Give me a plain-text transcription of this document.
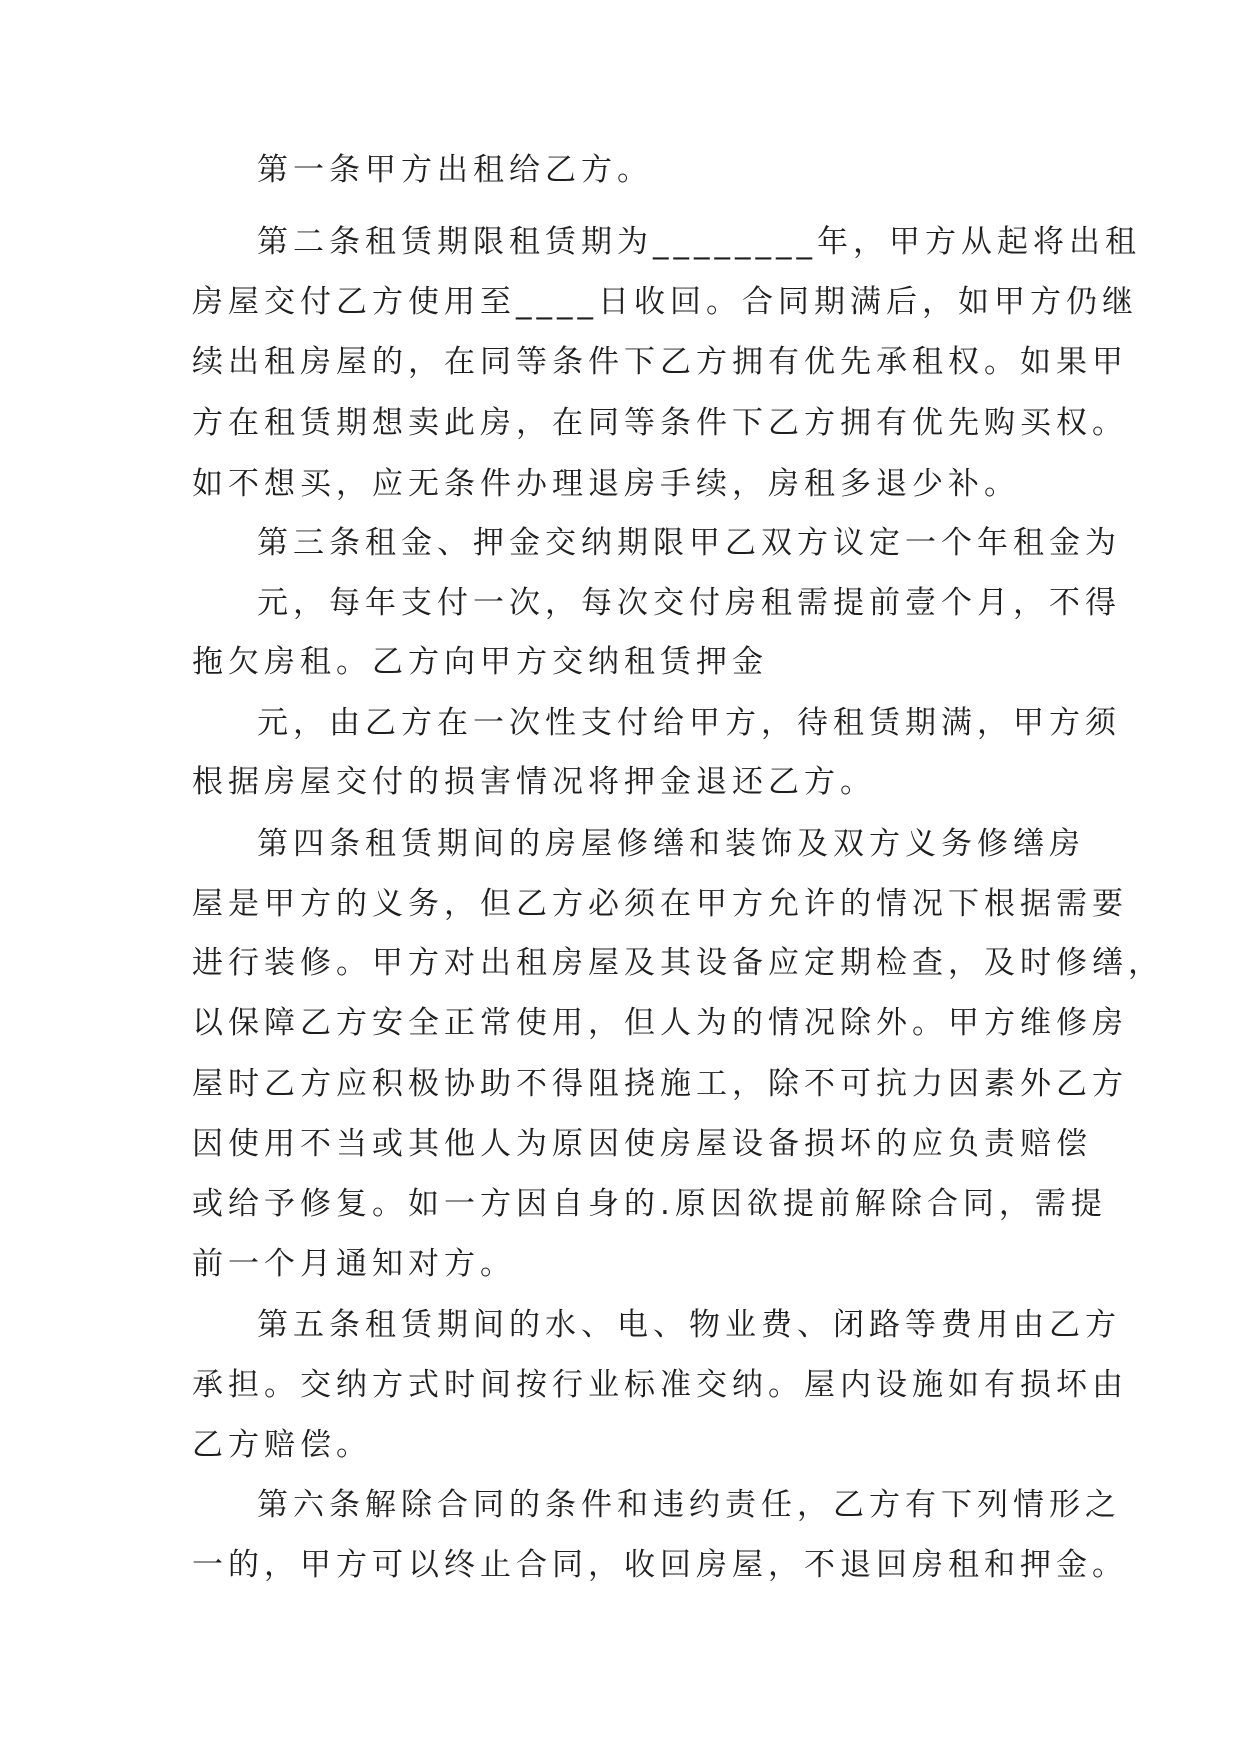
第一条甲方出租给乙方。
第二条租赁期限租赁期为________年，甲方从起将出租
房屋交付乙方使用至____日收回。合同期满后，如甲方仍继
续出租房屋的，在同等条件下乙方拥有优先承租权。如果甲
方在租赁期想卖此房，在同等条件下乙方拥有优先购买权。
如不想买，应无条件办理退房手续，房租多退少补。
第三条租金、押金交纳期限甲乙双方议定一个年租金为
元，每年支付一次，每次交付房租需提前壹个月，不得
拖欠房租。乙方向甲方交纳租赁押金
元，由乙方在一次性支付给甲方，待租赁期满，甲方须
根据房屋交付的损害情况将押金退还乙方。
第四条租赁期间的房屋修缮和装饰及双方义务修缮房
屋是甲方的义务，但乙方必须在甲方允许的情况下根据需要
进行装修。甲方对出租房屋及其设备应定期检查，及时修缮，
以保障乙方安全正常使用，但人为的情况除外。甲方维修房
屋时乙方应积极协助不得阻挠施工，除不可抗力因素外乙方
因使用不当或其他人为原因使房屋设备损坏的应负责赔偿
或给予修复。如一方因自身的.原因欲提前解除合同，需提
前一个月通知对方。
第五条租赁期间的水、电、物业费、闭路等费用由乙方
承担。交纳方式时间按行业标准交纳。屋内设施如有损坏由
乙方赔偿。
第六条解除合同的条件和违约责任，乙方有下列情形之
一的，甲方可以终止合同，收回房屋，不退回房租和押金。
